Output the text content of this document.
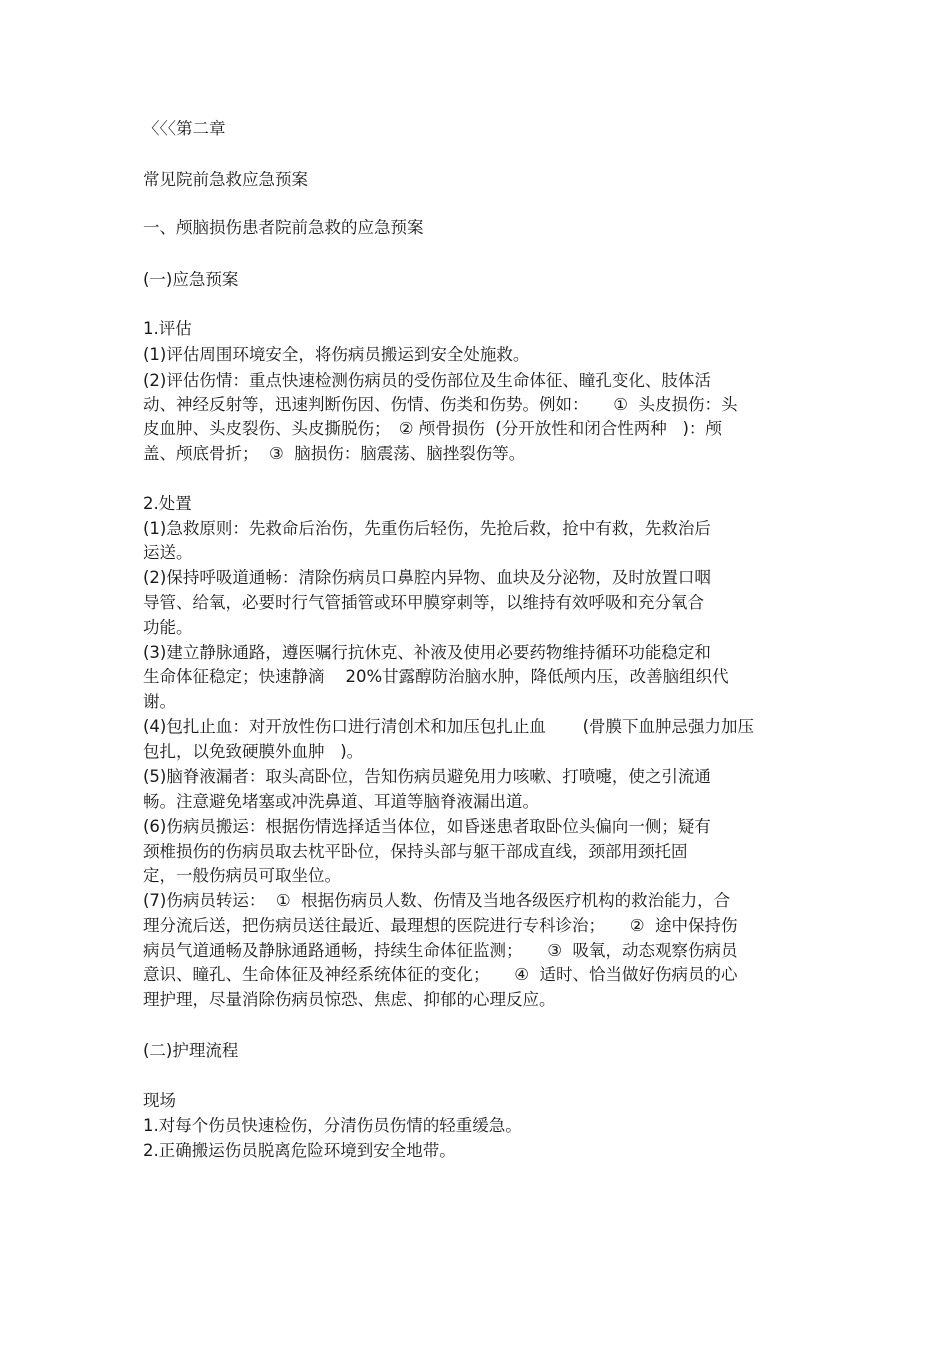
〈〈〈第二章
常见院前急救应急预案
一、颅脑损伤患者院前急救的应急预案
(一)应急预案
1.评估
(1)评估周围环境安全，将伤病员搬运到安全处施救。
(2)评估伤情：重点快速检测伤病员的受伤部位及生命体征、瞳孔变化、肢体活
动、神经反射等，迅速判断伤因、伤情、伤类和伤势。例如：　　①  头皮损伤：头
皮血肿、头皮裂伤、头皮撕脱伤；　② 颅骨损伤  (分开放性和闭合性两种   )：颅
盖、颅底骨折；  ③  脑损伤：脑震荡、脑挫裂伤等。
2.处置
(1)急救原则：先救命后治伤，先重伤后轻伤，先抢后救，抢中有救，先救治后
运送。
(2)保持呼吸道通畅：清除伤病员口鼻腔内异物、血块及分泌物，及时放置口咽
导管、给氧，必要时行气管插管或环甲膜穿刺等，以维持有效呼吸和充分氧合
功能。
(3)建立静脉通路，遵医嘱行抗休克、补液及使用必要药物维持循环功能稳定和
生命体征稳定；快速静滴    20%甘露醇防治脑水肿，降低颅内压，改善脑组织代
谢。
(4)包扎止血：对开放性伤口进行清创术和加压包扎止血       (骨膜下血肿忌强力加压
包扎，以免致硬膜外血肿   )。
(5)脑脊液漏者：取头高卧位，告知伤病员避免用力咳嗽、打喷嚏，使之引流通
畅。注意避免堵塞或冲洗鼻道、耳道等脑脊液漏出道。
(6)伤病员搬运：根据伤情选择适当体位，如昏迷患者取卧位头偏向一侧；疑有
颈椎损伤的伤病员取去枕平卧位，保持头部与躯干部成直线，颈部用颈托固
定，一般伤病员可取坐位。
(7)伤病员转运：  ①  根据伤病员人数、伤情及当地各级医疗机构的救治能力，合
理分流后送，把伤病员送往最近、最理想的医院进行专科诊治；　　②  途中保持伤
病员气道通畅及静脉通路通畅，持续生命体征监测；　　③  吸氧，动态观察伤病员
意识、瞳孔、生命体征及神经系统体征的变化；　　④  适时、恰当做好伤病员的心
理护理，尽量消除伤病员惊恐、焦虑、抑郁的心理反应。
(二)护理流程
现场
1.对每个伤员快速检伤，分清伤员伤情的轻重缓急。
2.正确搬运伤员脱离危险环境到安全地带。
